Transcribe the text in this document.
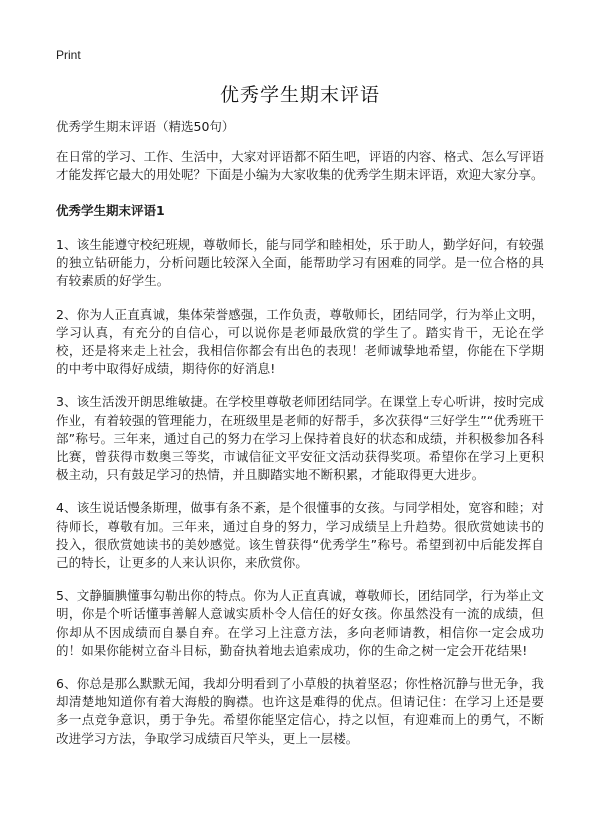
Print
优秀学生期末评语

优秀学生期末评语（精选50句）

在日常的学习、工作、生活中，大家对评语都不陌生吧，评语的内容、格式、怎么写评语才能发挥它最大的用处呢？下面是小编为大家收集的优秀学生期末评语，欢迎大家分享。

优秀学生期末评语1

1、该生能遵守校纪班规，尊敬师长，能与同学和睦相处，乐于助人，勤学好问，有较强的独立钻研能力，分析问题比较深入全面，能帮助学习有困难的同学。是一位合格的具有较素质的好学生。

2、你为人正直真诚，集体荣誉感强，工作负责，尊敬师长，团结同学，行为举止文明，学习认真，有充分的自信心，可以说你是老师最欣赏的学生了。踏实肯干，无论在学校，还是将来走上社会，我相信你都会有出色的表现！老师诚挚地希望，你能在下学期的中考中取得好成绩，期待你的好消息!

3、该生活泼开朗思维敏捷。在学校里尊敬老师团结同学。在课堂上专心听讲，按时完成作业，有着较强的管理能力，在班级里是老师的好帮手，多次获得“三好学生”“优秀班干部”称号。三年来，通过自己的努力在学习上保持着良好的状态和成绩，并积极参加各科比赛，曾获得市数奥三等奖，市诚信征文平安征文活动获得奖项。希望你在学习上更积极主动，只有鼓足学习的热情，并且脚踏实地不断积累，才能取得更大进步。

4、该生说话慢条斯理，做事有条不紊，是个很懂事的女孩。与同学相处，宽容和睦；对待师长，尊敬有加。三年来，通过自身的努力，学习成绩呈上升趋势。很欣赏她读书的投入，很欣赏她读书的美妙感觉。该生曾获得“优秀学生”称号。希望到初中后能发挥自己的特长，让更多的人来认识你，来欣赏你。

5、文静腼腆懂事勾勒出你的特点。你为人正直真诚，尊敬师长，团结同学，行为举止文明，你是个听话懂事善解人意诚实质朴令人信任的好女孩。你虽然没有一流的成绩，但你却从不因成绩而自暴自弃。在学习上注意方法，多向老师请教，相信你一定会成功的！如果你能树立奋斗目标，勤奋执着地去追索成功，你的生命之树一定会开花结果!

6、你总是那么默默无闻，我却分明看到了小草般的执着坚忍；你性格沉静与世无争，我却清楚地知道你有着大海般的胸襟。也许这是难得的优点。但请记住：在学习上还是要多一点竞争意识，勇于争先。希望你能坚定信心，持之以恒，有迎难而上的勇气，不断改进学习方法，争取学习成绩百尺竿头，更上一层楼。
